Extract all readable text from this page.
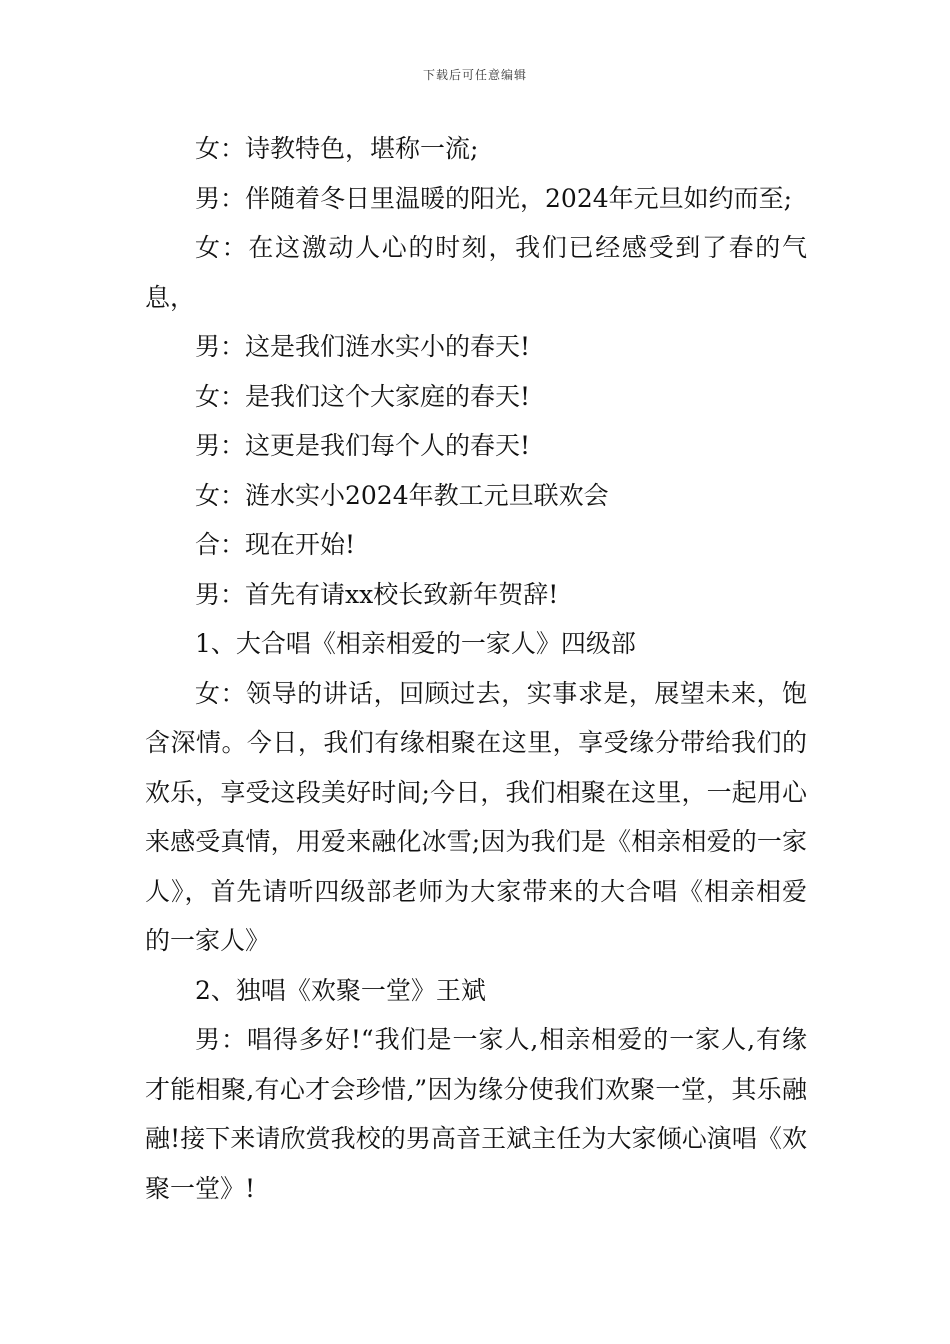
下载后可任意编辑

女：诗教特色，堪称一流;

男：伴随着冬日里温暖的阳光，2024年元旦如约而至;

女：在这激动人心的时刻，我们已经感受到了春的气息，

男：这是我们涟水实小的春天!

女：是我们这个大家庭的春天!

男：这更是我们每个人的春天!

女：涟水实小2024年教工元旦联欢会

合：现在开始!

男：首先有请xx校长致新年贺辞!

1、大合唱《相亲相爱的一家人》四级部

女：领导的讲话，回顾过去，实事求是，展望未来，饱含深情。今日，我们有缘相聚在这里，享受缘分带给我们的欢乐，享受这段美好时间;今日，我们相聚在这里，一起用心来感受真情，用爱来融化冰雪;因为我们是《相亲相爱的一家人》，首先请听四级部老师为大家带来的大合唱《相亲相爱的一家人》

2、独唱《欢聚一堂》王斌

男：唱得多好!“我们是一家人,相亲相爱的一家人,有缘才能相聚,有心才会珍惜,”因为缘分使我们欢聚一堂，其乐融融!接下来请欣赏我校的男高音王斌主任为大家倾心演唱《欢聚一堂》!
